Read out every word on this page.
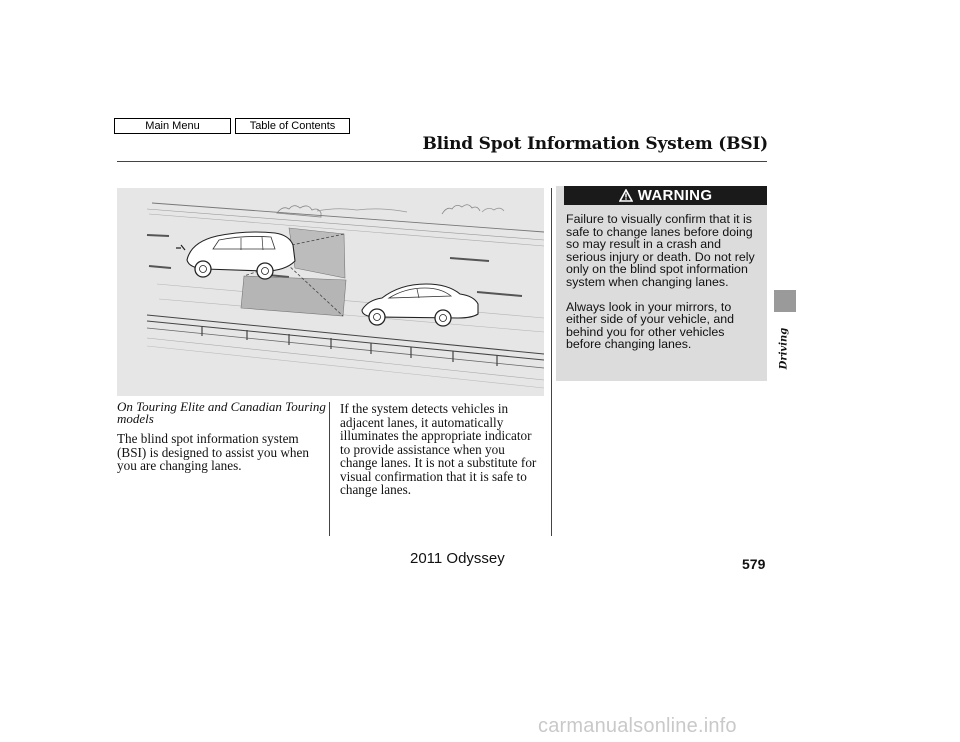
Main Menu	Table of Contents
Blind Spot Information System (BSI)
On Touring Elite and Canadian Touring models
The blind spot information system (BSI) is designed to assist you when you are changing lanes.
If the system detects vehicles in adjacent lanes, it automatically illuminates the appropriate indicator to provide assistance when you change lanes. It is not a substitute for visual confirmation that it is safe to change lanes.
WARNING

Failure to visually confirm that it is safe to change lanes before doing so may result in a crash and serious injury or death. Do not rely only on the blind spot information system when changing lanes.

Always look in your mirrors, to either side of your vehicle, and behind you for other vehicles before changing lanes.	Driving
2011 Odyssey	579
carmanualsonline.info
